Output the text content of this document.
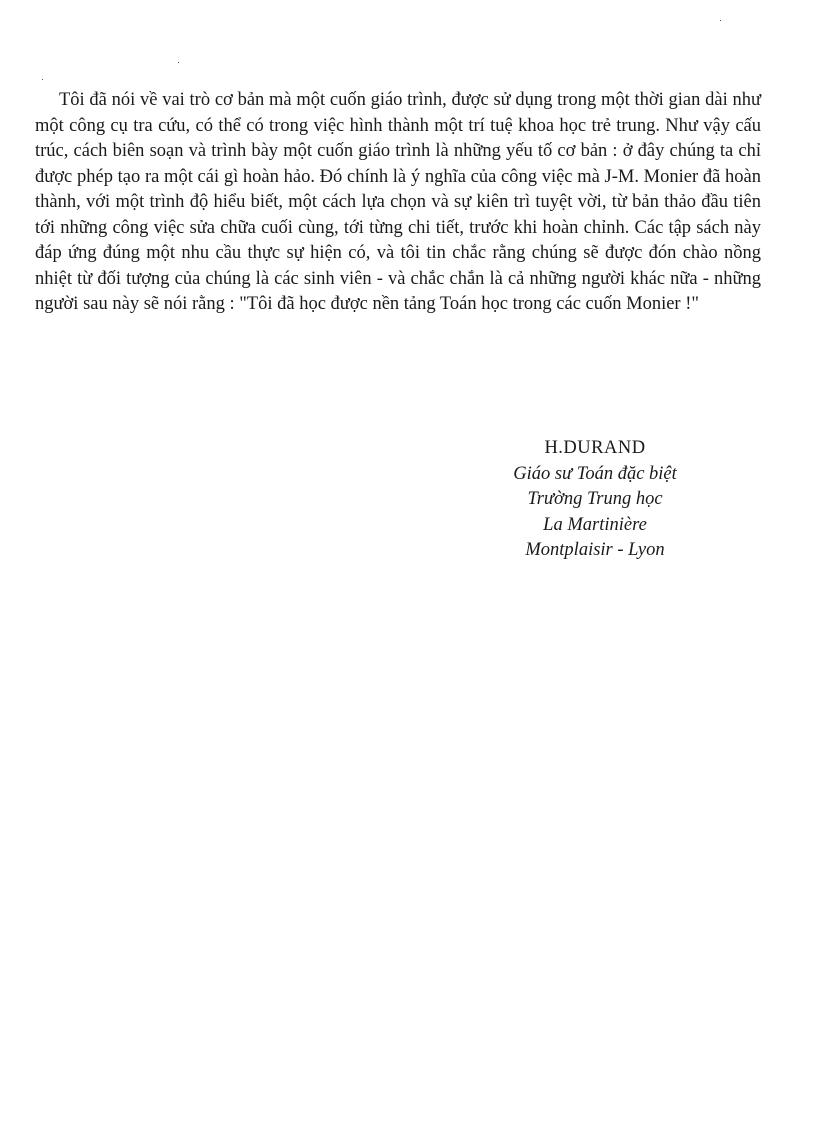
Tôi đã nói về vai trò cơ bản mà một cuốn giáo trình, được sử dụng trong một thời gian dài như một công cụ tra cứu, có thể có trong việc hình thành một trí tuệ khoa học trẻ trung. Như vậy cấu trúc, cách biên soạn và trình bày một cuốn giáo trình là những yếu tố cơ bản : ở đây chúng ta chỉ được phép tạo ra một cái gì hoàn hảo. Đó chính là ý nghĩa của công việc mà J-M. Monier đã hoàn thành, với một trình độ hiểu biết, một cách lựa chọn và sự kiên trì tuyệt vời, từ bản thảo đầu tiên tới những công việc sửa chữa cuối cùng, tới từng chi tiết, trước khi hoàn chỉnh. Các tập sách này đáp ứng đúng một nhu cầu thực sự hiện có, và tôi tin chắc rằng chúng sẽ được đón chào nồng nhiệt từ đối tượng của chúng là các sinh viên - và chắc chắn là cả những người khác nữa - những người sau này sẽ nói rằng : "Tôi đã học được nền tảng Toán học trong các cuốn Monier !"

H.DURAND
Giáo sư Toán đặc biệt
Trường Trung học
La Martinière
Montplaisir - Lyon
